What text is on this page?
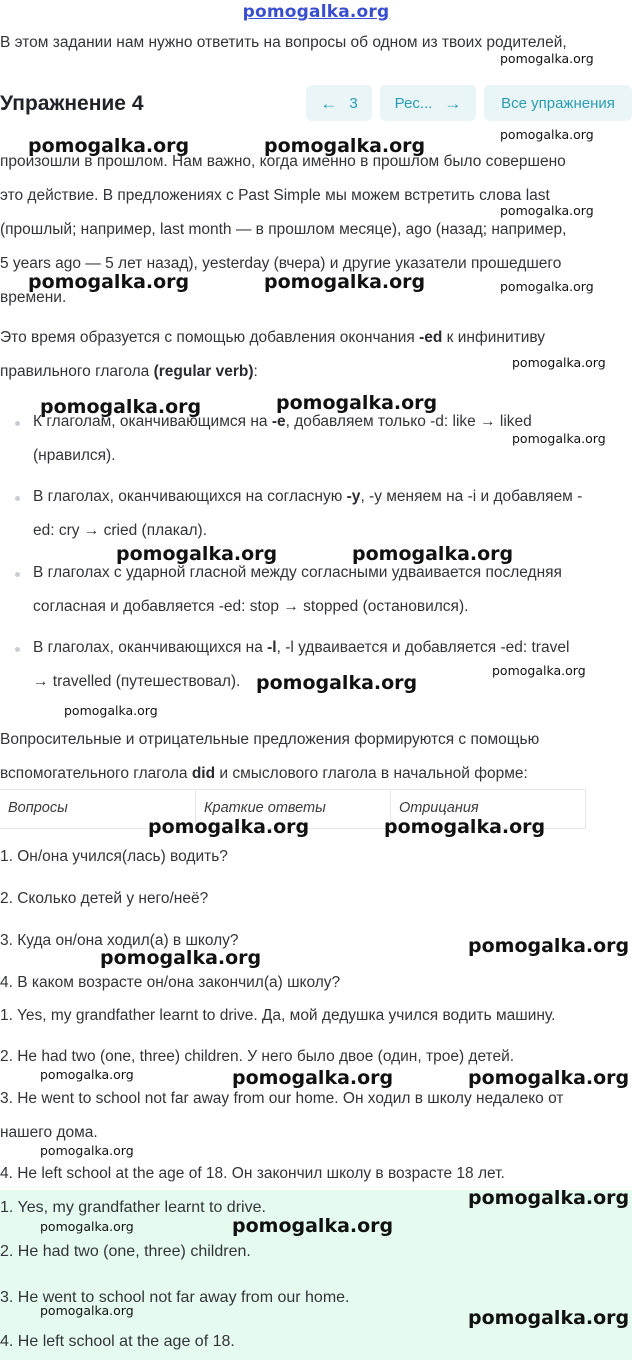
pomogalka.org
В этом задании нам нужно ответить на вопросы об одном из твоих родителей,
pomogalka.org
Упражнение 4	← 3 Рес... →	Все упражнения
pomogalka.org
pomogalka.org	pomogalka.org
произошли в прошлом. Нам важно, когда именно в прошлом было совершено
это действие. В предложениях с Past Simple мы можем встретить слова last
pomogalka.org
(прошлый; например, last month — в прошлом месяце), ago (назад; например,
5 years ago — 5 лет назад), yesterday (вчера) и другие указатели прошедшего
pomogalka.org	pomogalka.org	pomogalka.org
времени.
Это время образуется с помощью добавления окончания -ed к инфинитиву
pomogalka.org
правильного глагола (regular verb):
pomogalka.org	pomogalka.org
К глаголам, оканчивающимся на -e, добавляем только -d: like → liked
pomogalka.org
(нравился).
В глаголах, оканчивающихся на согласную -y, -y меняем на -i и добавляем -
ed: cry → cried (плакал).
pomogalka.org	pomogalka.org
В глаголах с ударной гласной между согласными удваивается последняя
согласная и добавляется -ed: stop → stopped (остановился).
В глаголах, оканчивающихся на -l, -l удваивается и добавляется -ed: travel
pomogalka.org
→ travelled (путешествовал). pomogalka.org
pomogalka.org
Вопросительные и отрицательные предложения формируются с помощью
вспомогательного глагола did и смыслового глагола в начальной форме:
Вопросы	Краткие ответы	Отрицания
pomogalka.org	pomogalka.org
1. Он/она учился(лась) водить?
2. Сколько детей у него/неё?
3. Куда он/она ходил(а) в школу?	pomogalka.org
pomogalka.org
4. В каком возрасте он/она закончил(а) школу?
1. Yes, my grandfather learnt to drive. Да, мой дедушка учился водить машину.
2. He had two (one, three) children. У него было двое (один, трое) детей.
pomogalka.org	pomogalka.org	pomogalka.org
3. He went to school not far away from our home. Он ходил в школу недалеко от
нашего дома.
pomogalka.org
4. He left school at the age of 18. Он закончил школу в возрасте 18 лет.
pomogalka.org
1. Yes, my grandfather learnt to drive.
pomogalka.org	pomogalka.org
2. He had two (one, three) children.
3. He went to school not far away from our home.
pomogalka.org	pomogalka.org
4. He left school at the age of 18.
